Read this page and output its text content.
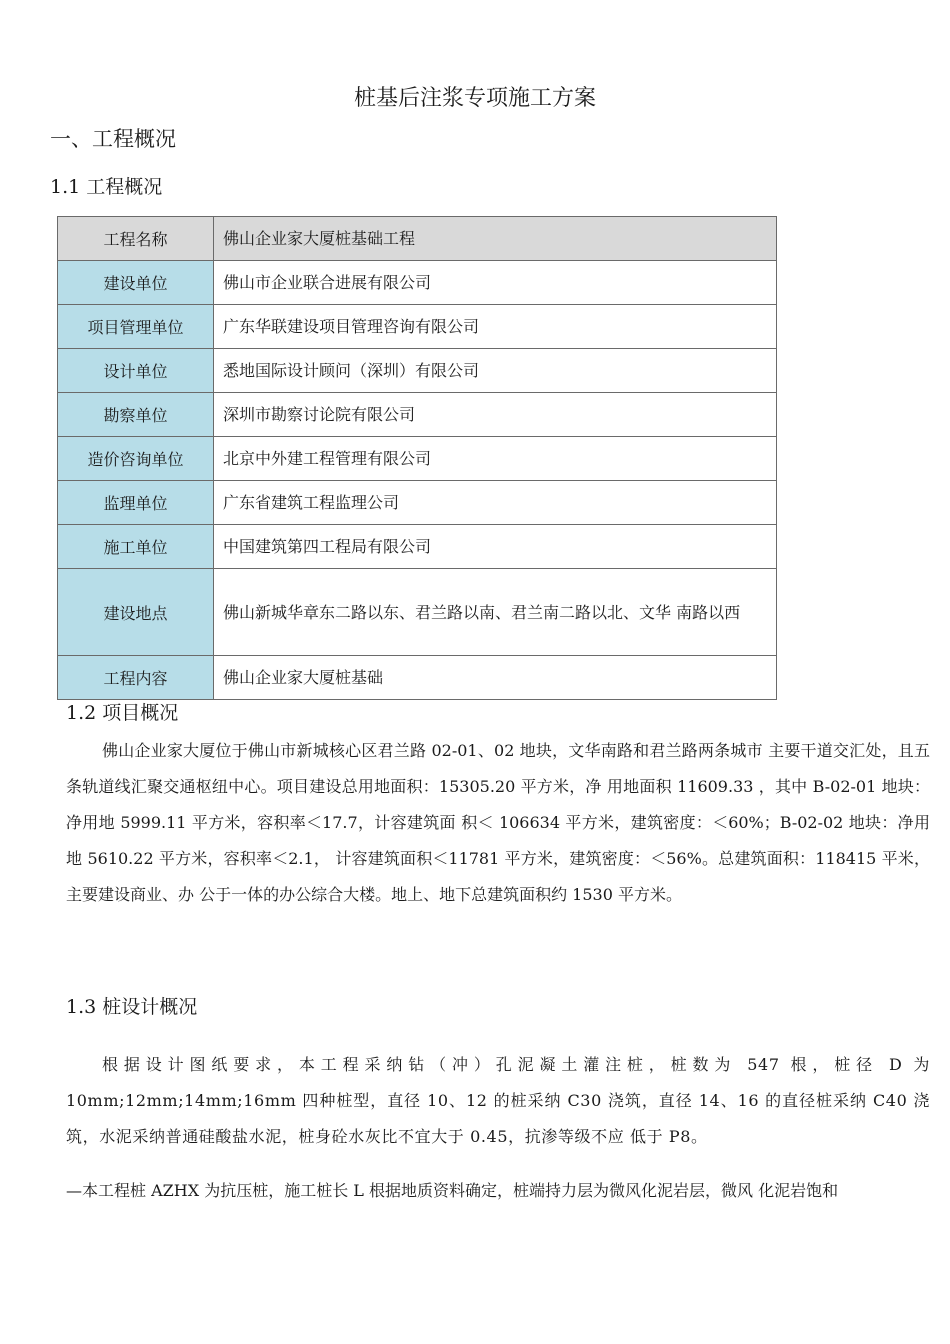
桩基后注浆专项施工方案
一、工程概况
1.1 工程概况
工程名称	佛山企业家大厦桩基础工程
建设单位	佛山市企业联合进展有限公司
项目管理单位	广东华联建设项目管理咨询有限公司
设计单位	悉地国际设计顾问（深圳）有限公司
勘察单位	深圳市勘察讨论院有限公司
造价咨询单位	北京中外建工程管理有限公司
监理单位	广东省建筑工程监理公司
施工单位	中国建筑第四工程局有限公司
建设地点	佛山新城华章东二路以东、君兰路以南、君兰南二路以北、文华 南路以西
工程内容	佛山企业家大厦桩基础
1.2 项目概况

佛山企业家大厦位于佛山市新城核心区君兰路 02-01、02 地块，文华南路和君兰路两条城市 主要干道交汇处，且五条轨道线汇聚交通枢纽中心。项目建设总用地面积：15305.20 平方米，净 用地面积 11609.33 ，其中 B-02-01 地块：净用地 5999.11 平方米，容积率＜17.7，计容建筑面 积＜ 106634 平方米，建筑密度：＜60%；B-02-02 地块：净用地 5610.22 平方米，容积率＜2.1， 计容建筑面积＜11781 平方米，建筑密度：＜56%。总建筑面积：118415 平米，主要建设商业、办 公于一体的办公综合大楼。地上、地下总建筑面积约 1530 平方米。

1.3 桩设计概况

根据设计图纸要求，本工程采纳钻（冲）孔泥凝土灌注桩，桩数为 547 根，桩径 D 为 10mm;12mm;14mm;16mm 四种桩型，直径 10、12 的桩采纳 C30 浇筑，直径 14、16 的直径桩采纳 C40 浇筑，水泥采纳普通硅酸盐水泥，桩身砼水灰比不宜大于 0.45，抗渗等级不应 低于 P8。

—本工程桩 AZHX 为抗压桩，施工桩长 L 根据地质资料确定，桩端持力层为微风化泥岩层，微风 化泥岩饱和
